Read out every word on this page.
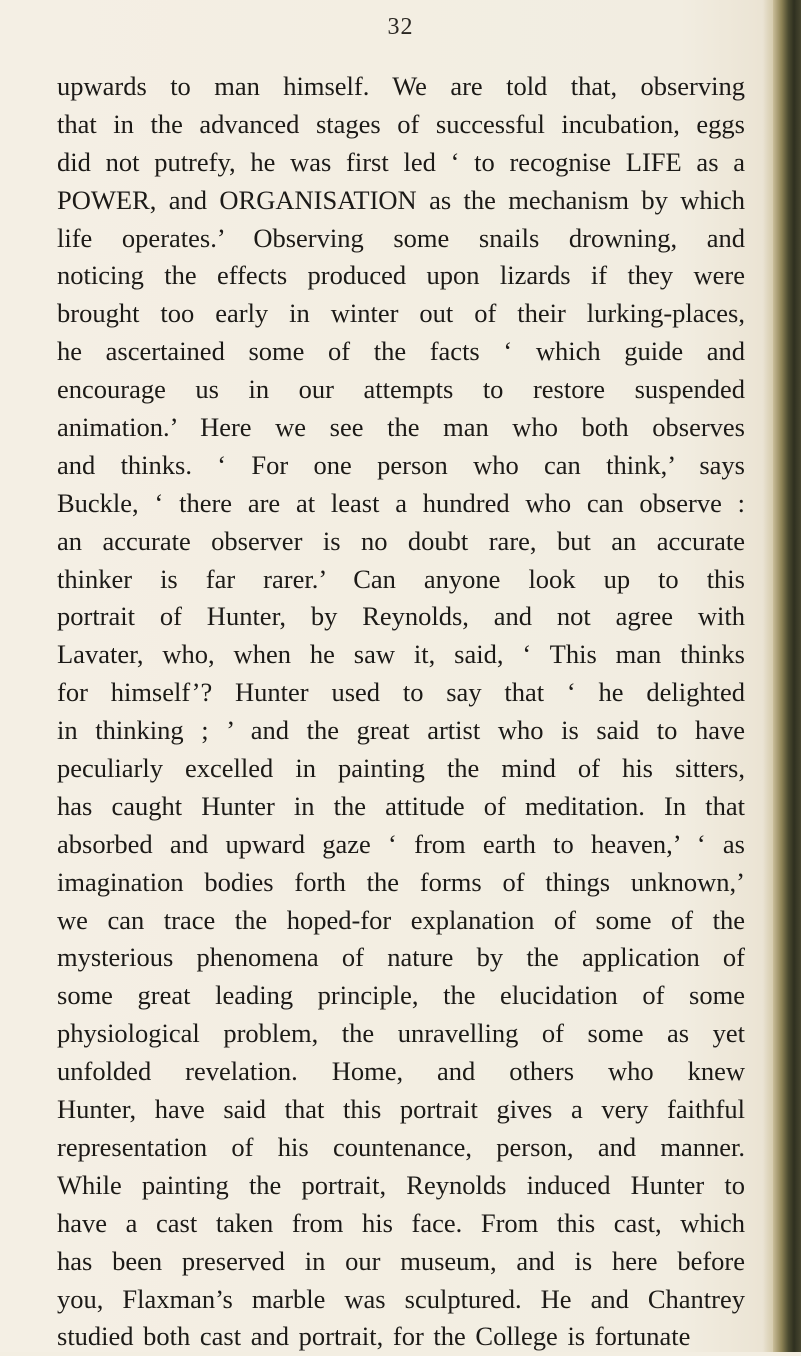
32
upwards to man himself. We are told that, observing
that in the advanced stages of successful incubation, eggs
did not putrefy, he was first led ‘ to recognise LIFE as a
POWER, and ORGANISATION as the mechanism by which
life operates.’ Observing some snails drowning, and
noticing the effects produced upon lizards if they were
brought too early in winter out of their lurking-places,
he ascertained some of the facts ‘ which guide and
encourage us in our attempts to restore suspended
animation.’ Here we see the man who both observes
and thinks. ‘ For one person who can think,’ says
Buckle, ‘ there are at least a hundred who can observe :
an accurate observer is no doubt rare, but an accurate
thinker is far rarer.’ Can anyone look up to this
portrait of Hunter, by Reynolds, and not agree with
Lavater, who, when he saw it, said, ‘ This man thinks
for himself’? Hunter used to say that ‘ he delighted
in thinking ; ’ and the great artist who is said to have
peculiarly excelled in painting the mind of his sitters,
has caught Hunter in the attitude of meditation. In that
absorbed and upward gaze ‘ from earth to heaven,’ ‘ as
imagination bodies forth the forms of things unknown,’
we can trace the hoped-for explanation of some of the
mysterious phenomena of nature by the application of
some great leading principle, the elucidation of some
physiological problem, the unravelling of some as yet
unfolded revelation. Home, and others who knew
Hunter, have said that this portrait gives a very faithful
representation of his countenance, person, and manner.
While painting the portrait, Reynolds induced Hunter to
have a cast taken from his face. From this cast, which
has been preserved in our museum, and is here before
you, Flaxman’s marble was sculptured. He and Chantrey
studied both cast and portrait, for the College is fortunate
